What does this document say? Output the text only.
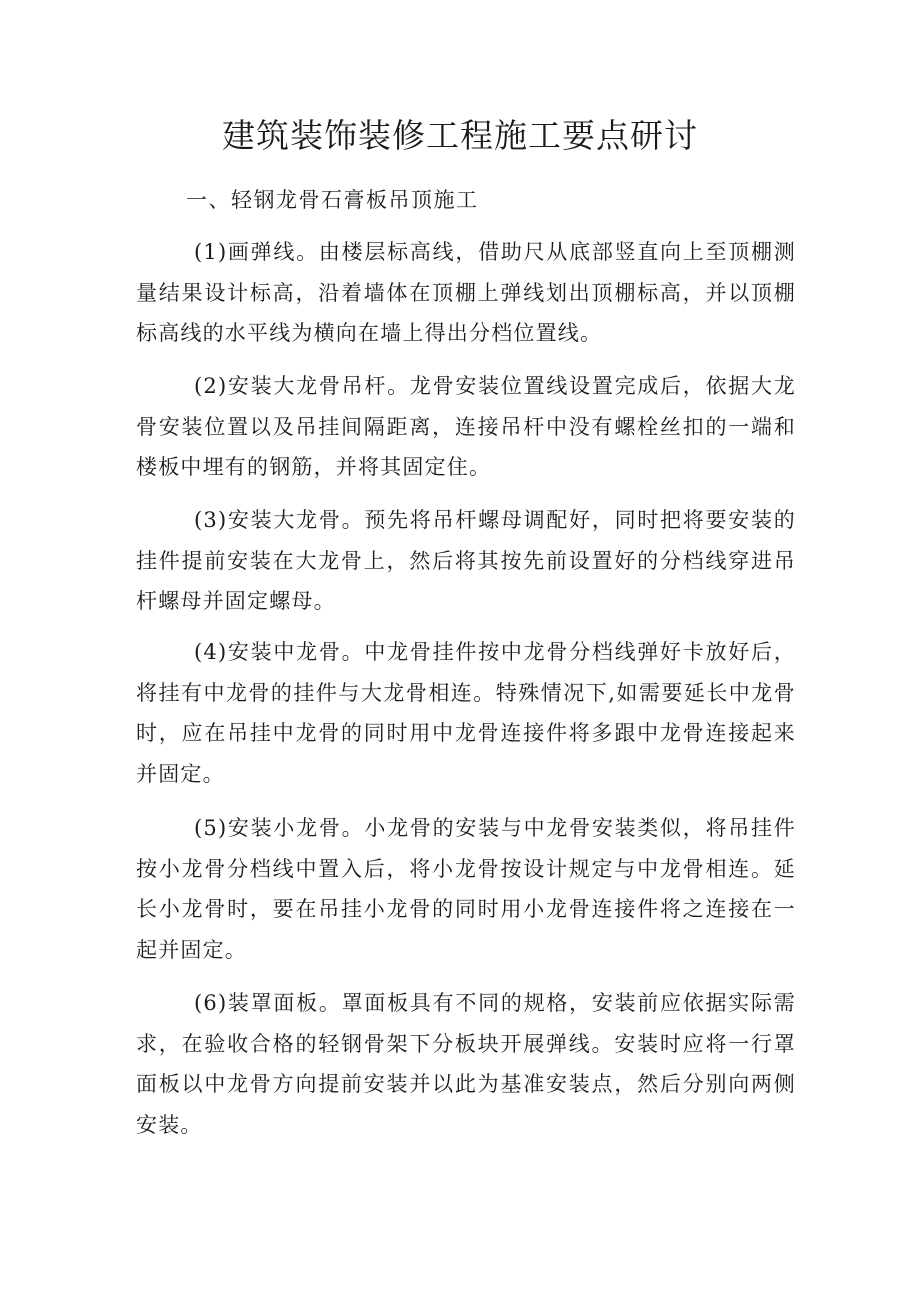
建筑装饰装修工程施工要点研讨
一、轻钢龙骨石膏板吊顶施工

(1)画弹线。由楼层标高线，借助尺从底部竖直向上至顶棚测量结果设计标高，沿着墙体在顶棚上弹线划出顶棚标高，并以顶棚标高线的水平线为横向在墙上得出分档位置线。

(2)安装大龙骨吊杆。龙骨安装位置线设置完成后，依据大龙骨安装位置以及吊挂间隔距离，连接吊杆中没有螺栓丝扣的一端和楼板中埋有的钢筋，并将其固定住。

(3)安装大龙骨。预先将吊杆螺母调配好，同时把将要安装的挂件提前安装在大龙骨上，然后将其按先前设置好的分档线穿进吊杆螺母并固定螺母。

(4)安装中龙骨。中龙骨挂件按中龙骨分档线弹好卡放好后，将挂有中龙骨的挂件与大龙骨相连。特殊情况下,如需要延长中龙骨时，应在吊挂中龙骨的同时用中龙骨连接件将多跟中龙骨连接起来并固定。

(5)安装小龙骨。小龙骨的安装与中龙骨安装类似，将吊挂件按小龙骨分档线中置入后，将小龙骨按设计规定与中龙骨相连。延长小龙骨时，要在吊挂小龙骨的同时用小龙骨连接件将之连接在一起并固定。

(6)装罩面板。罩面板具有不同的规格，安装前应依据实际需求，在验收合格的轻钢骨架下分板块开展弹线。安装时应将一行罩面板以中龙骨方向提前安装并以此为基准安装点，然后分别向两侧安装。
